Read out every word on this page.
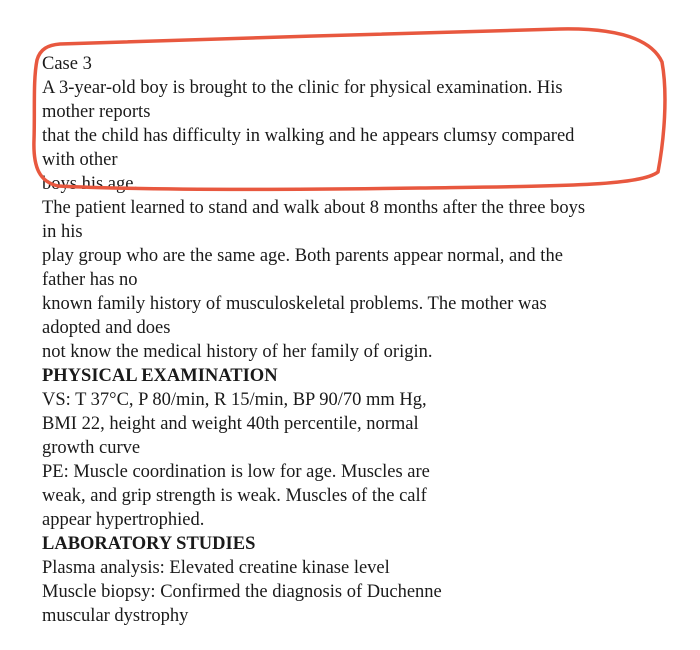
Case 3
A 3-year-old boy is brought to the clinic for physical examination. His
mother reports
that the child has difficulty in walking and he appears clumsy compared
with other
boys his age.
The patient learned to stand and walk about 8 months after the three boys
in his
play group who are the same age. Both parents appear normal, and the
father has no
known family history of musculoskeletal problems. The mother was
adopted and does
not know the medical history of her family of origin.
PHYSICAL EXAMINATION
VS: T 37°C, P 80/min, R 15/min, BP 90/70 mm Hg,
BMI 22, height and weight 40th percentile, normal
growth curve
PE: Muscle coordination is low for age. Muscles are
weak, and grip strength is weak. Muscles of the calf
appear hypertrophied.
LABORATORY STUDIES
Plasma analysis: Elevated creatine kinase level
Muscle biopsy: Confirmed the diagnosis of Duchenne
muscular dystrophy
